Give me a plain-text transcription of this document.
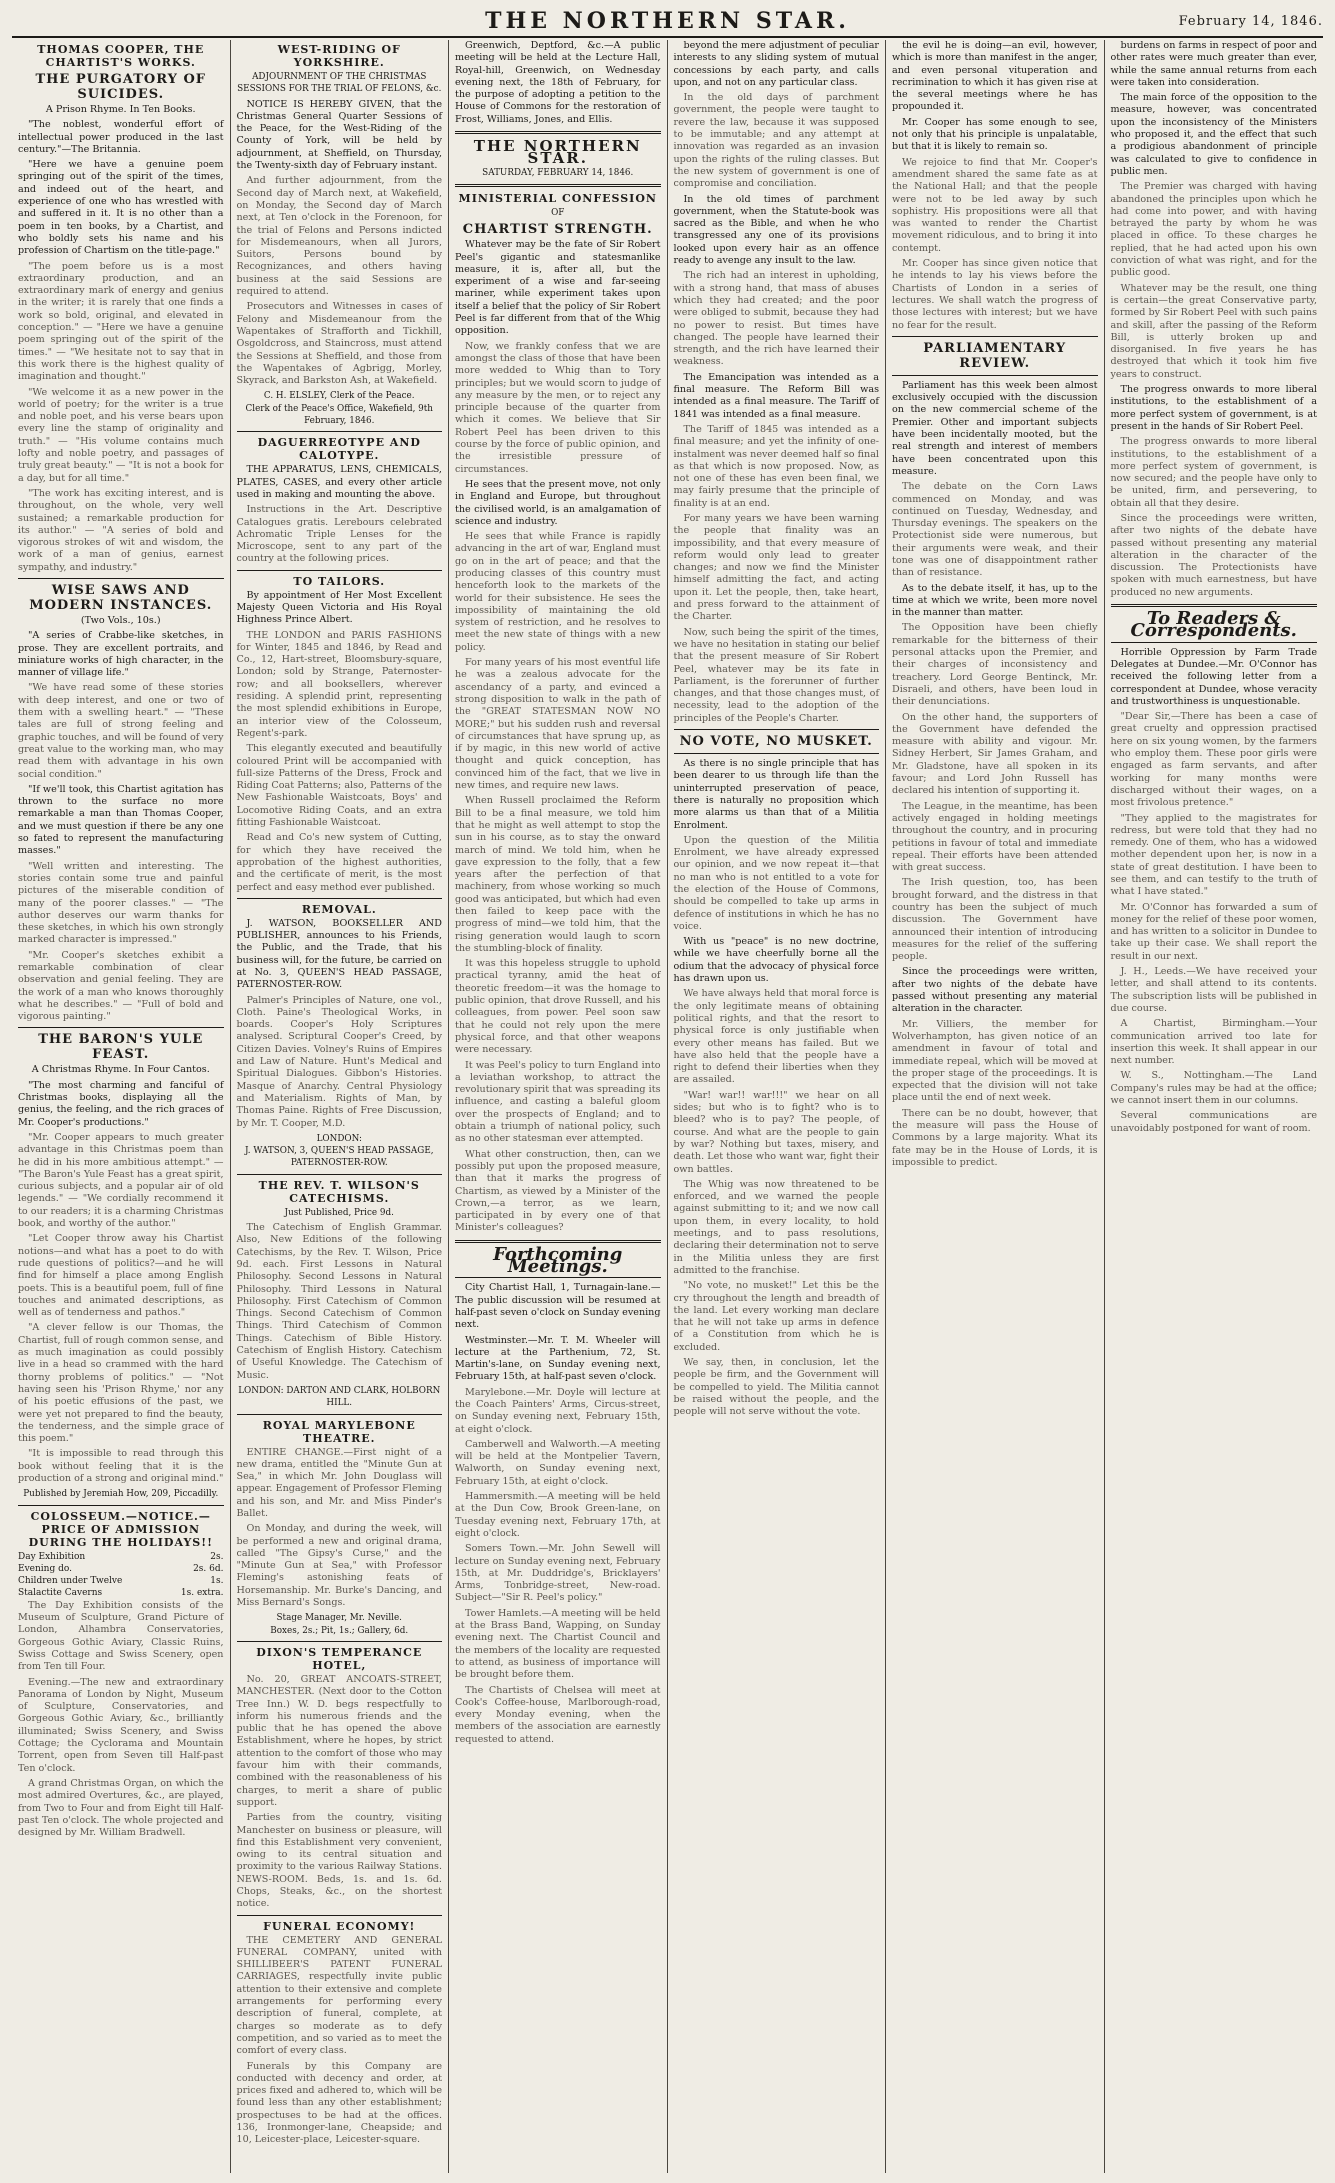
THE NORTHERN STAR.	February 14, 1846.
THOMAS COOPER, THE CHARTIST'S WORKS.
THE PURGATORY OF SUICIDES.

A Prison Rhyme. In Ten Books.

"The noblest, wonderful effort of intellectual power produced in the last century."—The Britannia.

"Here we have a genuine poem springing out of the spirit of the times, and indeed out of the heart, and experience of one who has wrestled with and suffered in it. It is no other than a poem in ten books, by a Chartist, and who boldly sets his name and his profession of Chartism on the title-page."

"The poem before us is a most extraordinary production, and an extraordinary mark of energy and genius in the writer; it is rarely that one finds a work so bold, original, and elevated in conception." — "Here we have a genuine poem springing out of the spirit of the times." — "We hesitate not to say that in this work there is the highest quality of imagination and thought."

"We welcome it as a new power in the world of poetry; for the writer is a true and noble poet, and his verse bears upon every line the stamp of originality and truth." — "His volume contains much lofty and noble poetry, and passages of truly great beauty." — "It is not a book for a day, but for all time."

"The work has exciting interest, and is throughout, on the whole, very well sustained; a remarkable production for its author." — "A series of bold and vigorous strokes of wit and wisdom, the work of a man of genius, earnest sympathy, and industry."

WISE SAWS AND MODERN INSTANCES.

(Two Vols., 10s.)

"A series of Crabbe-like sketches, in prose. They are excellent portraits, and miniature works of high character, in the manner of village life."

"We have read some of these stories with deep interest, and one or two of them with a swelling heart." — "These tales are full of strong feeling and graphic touches, and will be found of very great value to the working man, who may read them with advantage in his own social condition."

"If we'll took, this Chartist agitation has thrown to the surface no more remarkable a man than Thomas Cooper, and we must question if there be any one so fated to represent the manufacturing masses."

"Well written and interesting. The stories contain some true and painful pictures of the miserable condition of many of the poorer classes." — "The author deserves our warm thanks for these sketches, in which his own strongly marked character is impressed."

"Mr. Cooper's sketches exhibit a remarkable combination of clear observation and genial feeling. They are the work of a man who knows thoroughly what he describes." — "Full of bold and vigorous painting."

THE BARON'S YULE FEAST.

A Christmas Rhyme. In Four Cantos.

"The most charming and fanciful of Christmas books, displaying all the genius, the feeling, and the rich graces of Mr. Cooper's productions."

"Mr. Cooper appears to much greater advantage in this Christmas poem than he did in his more ambitious attempt." — "The Baron's Yule Feast has a great spirit, curious subjects, and a popular air of old legends." — "We cordially recommend it to our readers; it is a charming Christmas book, and worthy of the author."

"Let Cooper throw away his Chartist notions—and what has a poet to do with rude questions of politics?—and he will find for himself a place among English poets. This is a beautiful poem, full of fine touches and animated descriptions, as well as of tenderness and pathos."

"A clever fellow is our Thomas, the Chartist, full of rough common sense, and as much imagination as could possibly live in a head so crammed with the hard thorny problems of politics." — "Not having seen his 'Prison Rhyme,' nor any of his poetic effusions of the past, we were yet not prepared to find the beauty, the tenderness, and the simple grace of this poem."

"It is impossible to read through this book without feeling that it is the production of a strong and original mind."

Published by Jeremiah How, 209, Piccadilly.

COLOSSEUM.—NOTICE.—PRICE OF ADMISSION DURING THE HOLIDAYS!!
Day Exhibition	2s.
Evening do.	2s. 6d.
Children under Twelve	1s.
Stalactite Caverns	1s. extra.

The Day Exhibition consists of the Museum of Sculpture, Grand Picture of London, Alhambra Conservatories, Gorgeous Gothic Aviary, Classic Ruins, Swiss Cottage and Swiss Scenery, open from Ten till Four.

Evening.—The new and extraordinary Panorama of London by Night, Museum of Sculpture, Conservatories, and Gorgeous Gothic Aviary, &c., brilliantly illuminated; Swiss Scenery, and Swiss Cottage; the Cyclorama and Mountain Torrent, open from Seven till Half-past Ten o'clock.

A grand Christmas Organ, on which the most admired Overtures, &c., are played, from Two to Four and from Eight till Half-past Ten o'clock. The whole projected and designed by Mr. William Bradwell.

WEST-RIDING OF YORKSHIRE.

ADJOURNMENT OF THE CHRISTMAS SESSIONS FOR THE TRIAL OF FELONS, &c.

NOTICE IS HEREBY GIVEN, that the Christmas General Quarter Sessions of the Peace, for the West-Riding of the County of York, will be held by adjournment, at Sheffield, on Thursday, the Twenty-sixth day of February instant.

And further adjournment, from the Second day of March next, at Wakefield, on Monday, the Second day of March next, at Ten o'clock in the Forenoon, for the trial of Felons and Persons indicted for Misdemeanours, when all Jurors, Suitors, Persons bound by Recognizances, and others having business at the said Sessions are required to attend.

Prosecutors and Witnesses in cases of Felony and Misdemeanour from the Wapentakes of Strafforth and Tickhill, Osgoldcross, and Staincross, must attend the Sessions at Sheffield, and those from the Wapentakes of Agbrigg, Morley, Skyrack, and Barkston Ash, at Wakefield.

C. H. ELSLEY, Clerk of the Peace.
Clerk of the Peace's Office, Wakefield, 9th February, 1846.

DAGUERREOTYPE AND CALOTYPE.

THE APPARATUS, LENS, CHEMICALS, PLATES, CASES, and every other article used in making and mounting the above.

Instructions in the Art. Descriptive Catalogues gratis. Lerebours celebrated Achromatic Triple Lenses for the Microscope, sent to any part of the country at the following prices.

TO TAILORS.

By appointment of Her Most Excellent Majesty Queen Victoria and His Royal Highness Prince Albert.

THE LONDON and PARIS FASHIONS for Winter, 1845 and 1846, by Read and Co., 12, Hart-street, Bloomsbury-square, London; sold by Strange, Paternoster-row; and all booksellers, wherever residing. A splendid print, representing the most splendid exhibitions in Europe, an interior view of the Colosseum, Regent's-park.

This elegantly executed and beautifully coloured Print will be accompanied with full-size Patterns of the Dress, Frock and Riding Coat Patterns; also, Patterns of the New Fashionable Waistcoats, Boys' and Locomotive Riding Coats, and an extra fitting Fashionable Waistcoat.

Read and Co's new system of Cutting, for which they have received the approbation of the highest authorities, and the certificate of merit, is the most perfect and easy method ever published.

REMOVAL.

J. WATSON, BOOKSELLER AND PUBLISHER, announces to his Friends, the Public, and the Trade, that his business will, for the future, be carried on at No. 3, QUEEN'S HEAD PASSAGE, PATERNOSTER-ROW.

Palmer's Principles of Nature, one vol., Cloth. Paine's Theological Works, in boards. Cooper's Holy Scriptures analysed. Scriptural Cooper's Creed, by Citizen Davies. Volney's Ruins of Empires and Law of Nature. Hunt's Medical and Spiritual Dialogues. Gibbon's Histories. Masque of Anarchy. Central Physiology and Materialism. Rights of Man, by Thomas Paine. Rights of Free Discussion, by Mr. T. Cooper, M.D.

LONDON:
J. WATSON, 3, QUEEN'S HEAD PASSAGE, PATERNOSTER-ROW.

THE REV. T. WILSON'S CATECHISMS.

Just Published, Price 9d.

The Catechism of English Grammar. Also, New Editions of the following Catechisms, by the Rev. T. Wilson, Price 9d. each. First Lessons in Natural Philosophy. Second Lessons in Natural Philosophy. Third Lessons in Natural Philosophy. First Catechism of Common Things. Second Catechism of Common Things. Third Catechism of Common Things. Catechism of Bible History. Catechism of English History. Catechism of Useful Knowledge. The Catechism of Music.

LONDON: DARTON AND CLARK, HOLBORN HILL.

ROYAL MARYLEBONE THEATRE.

ENTIRE CHANGE.—First night of a new drama, entitled the "Minute Gun at Sea," in which Mr. John Douglass will appear. Engagement of Professor Fleming and his son, and Mr. and Miss Pinder's Ballet.

On Monday, and during the week, will be performed a new and original drama, called "The Gipsy's Curse," and the "Minute Gun at Sea," with Professor Fleming's astonishing feats of Horsemanship. Mr. Burke's Dancing, and Miss Bernard's Songs.

Stage Manager, Mr. Neville.
Boxes, 2s.; Pit, 1s.; Gallery, 6d.

DIXON'S TEMPERANCE HOTEL,

No. 20, GREAT ANCOATS-STREET, MANCHESTER. (Next door to the Cotton Tree Inn.) W. D. begs respectfully to inform his numerous friends and the public that he has opened the above Establishment, where he hopes, by strict attention to the comfort of those who may favour him with their commands, combined with the reasonableness of his charges, to merit a share of public support.

Parties from the country, visiting Manchester on business or pleasure, will find this Establishment very convenient, owing to its central situation and proximity to the various Railway Stations. NEWS-ROOM. Beds, 1s. and 1s. 6d. Chops, Steaks, &c., on the shortest notice.

FUNERAL ECONOMY!

THE CEMETERY AND GENERAL FUNERAL COMPANY, united with SHILLIBEER'S PATENT FUNERAL CARRIAGES, respectfully invite public attention to their extensive and complete arrangements for performing every description of funeral, complete, at charges so moderate as to defy competition, and so varied as to meet the comfort of every class.

Funerals by this Company are conducted with decency and order, at prices fixed and adhered to, which will be found less than any other establishment; prospectuses to be had at the offices. 136, Ironmonger-lane, Cheapside; and 10, Leicester-place, Leicester-square.

Greenwich, Deptford, &c.—A public meeting will be held at the Lecture Hall, Royal-hill, Greenwich, on Wednesday evening next, the 18th of February, for the purpose of adopting a petition to the House of Commons for the restoration of Frost, Williams, Jones, and Ellis.

THE NORTHERN STAR.

SATURDAY, FEBRUARY 14, 1846.

MINISTERIAL CONFESSION

OF

CHARTIST STRENGTH.

Whatever may be the fate of Sir Robert Peel's gigantic and statesmanlike measure, it is, after all, but the experiment of a wise and far-seeing mariner, while experiment takes upon itself a belief that the policy of Sir Robert Peel is far different from that of the Whig opposition.

Now, we frankly confess that we are amongst the class of those that have been more wedded to Whig than to Tory principles; but we would scorn to judge of any measure by the men, or to reject any principle because of the quarter from which it comes. We believe that Sir Robert Peel has been driven to this course by the force of public opinion, and the irresistible pressure of circumstances.

He sees that the present move, not only in England and Europe, but throughout the civilised world, is an amalgamation of science and industry.

He sees that while France is rapidly advancing in the art of war, England must go on in the art of peace; and that the producing classes of this country must henceforth look to the markets of the world for their subsistence. He sees the impossibility of maintaining the old system of restriction, and he resolves to meet the new state of things with a new policy.

For many years of his most eventful life he was a zealous advocate for the ascendancy of a party, and evinced a strong disposition to walk in the path of the "GREAT STATESMAN NOW NO MORE;" but his sudden rush and reversal of circumstances that have sprung up, as if by magic, in this new world of active thought and quick conception, has convinced him of the fact, that we live in new times, and require new laws.

When Russell proclaimed the Reform Bill to be a final measure, we told him that he might as well attempt to stop the sun in his course, as to stay the onward march of mind. We told him, when he gave expression to the folly, that a few years after the perfection of that machinery, from whose working so much good was anticipated, but which had even then failed to keep pace with the progress of mind—we told him, that the rising generation would laugh to scorn the stumbling-block of finality.

It was this hopeless struggle to uphold practical tyranny, amid the heat of theoretic freedom—it was the homage to public opinion, that drove Russell, and his colleagues, from power. Peel soon saw that he could not rely upon the mere physical force, and that other weapons were necessary.

It was Peel's policy to turn England into a leviathan workshop, to attract the revolutionary spirit that was spreading its influence, and casting a baleful gloom over the prospects of England; and to obtain a triumph of national policy, such as no other statesman ever attempted.

What other construction, then, can we possibly put upon the proposed measure, than that it marks the progress of Chartism, as viewed by a Minister of the Crown,—a terror, as we learn, participated in by every one of that Minister's colleagues?

Forthcoming Meetings.

City Chartist Hall, 1, Turnagain-lane.—The public discussion will be resumed at half-past seven o'clock on Sunday evening next.

Westminster.—Mr. T. M. Wheeler will lecture at the Parthenium, 72, St. Martin's-lane, on Sunday evening next, February 15th, at half-past seven o'clock.

Marylebone.—Mr. Doyle will lecture at the Coach Painters' Arms, Circus-street, on Sunday evening next, February 15th, at eight o'clock.

Camberwell and Walworth.—A meeting will be held at the Montpelier Tavern, Walworth, on Sunday evening next, February 15th, at eight o'clock.

Hammersmith.—A meeting will be held at the Dun Cow, Brook Green-lane, on Tuesday evening next, February 17th, at eight o'clock.

Somers Town.—Mr. John Sewell will lecture on Sunday evening next, February 15th, at Mr. Duddridge's, Bricklayers' Arms, Tonbridge-street, New-road. Subject—"Sir R. Peel's policy."

Tower Hamlets.—A meeting will be held at the Brass Band, Wapping, on Sunday evening next. The Chartist Council and the members of the locality are requested to attend, as business of importance will be brought before them.

The Chartists of Chelsea will meet at Cook's Coffee-house, Marlborough-road, every Monday evening, when the members of the association are earnestly requested to attend.

beyond the mere adjustment of peculiar interests to any sliding system of mutual concessions by each party, and calls upon, and not on any particular class.

In the old days of parchment government, the people were taught to revere the law, because it was supposed to be immutable; and any attempt at innovation was regarded as an invasion upon the rights of the ruling classes. But the new system of government is one of compromise and conciliation.

In the old times of parchment government, when the Statute-book was sacred as the Bible, and when he who transgressed any one of its provisions looked upon every hair as an offence ready to avenge any insult to the law.

The rich had an interest in upholding, with a strong hand, that mass of abuses which they had created; and the poor were obliged to submit, because they had no power to resist. But times have changed. The people have learned their strength, and the rich have learned their weakness.

The Emancipation was intended as a final measure. The Reform Bill was intended as a final measure. The Tariff of 1841 was intended as a final measure.

The Tariff of 1845 was intended as a final measure; and yet the infinity of one-instalment was never deemed half so final as that which is now proposed. Now, as not one of these has even been final, we may fairly presume that the principle of finality is at an end.

For many years we have been warning the people that finality was an impossibility, and that every measure of reform would only lead to greater changes; and now we find the Minister himself admitting the fact, and acting upon it. Let the people, then, take heart, and press forward to the attainment of the Charter.

Now, such being the spirit of the times, we have no hesitation in stating our belief that the present measure of Sir Robert Peel, whatever may be its fate in Parliament, is the forerunner of further changes, and that those changes must, of necessity, lead to the adoption of the principles of the People's Charter.

NO VOTE, NO MUSKET.

As there is no single principle that has been dearer to us through life than the uninterrupted preservation of peace, there is naturally no proposition which more alarms us than that of a Militia Enrolment.

Upon the question of the Militia Enrolment, we have already expressed our opinion, and we now repeat it—that no man who is not entitled to a vote for the election of the House of Commons, should be compelled to take up arms in defence of institutions in which he has no voice.

With us "peace" is no new doctrine, while we have cheerfully borne all the odium that the advocacy of physical force has drawn upon us.

We have always held that moral force is the only legitimate means of obtaining political rights, and that the resort to physical force is only justifiable when every other means has failed. But we have also held that the people have a right to defend their liberties when they are assailed.

"War! war!! war!!!" we hear on all sides; but who is to fight? who is to bleed? who is to pay? The people, of course. And what are the people to gain by war? Nothing but taxes, misery, and death. Let those who want war, fight their own battles.

The Whig was now threatened to be enforced, and we warned the people against submitting to it; and we now call upon them, in every locality, to hold meetings, and to pass resolutions, declaring their determination not to serve in the Militia unless they are first admitted to the franchise.

"No vote, no musket!" Let this be the cry throughout the length and breadth of the land. Let every working man declare that he will not take up arms in defence of a Constitution from which he is excluded.

We say, then, in conclusion, let the people be firm, and the Government will be compelled to yield. The Militia cannot be raised without the people, and the people will not serve without the vote.

the evil he is doing—an evil, however, which is more than manifest in the anger, and even personal vituperation and recrimination to which it has given rise at the several meetings where he has propounded it.

Mr. Cooper has some enough to see, not only that his principle is unpalatable, but that it is likely to remain so.

We rejoice to find that Mr. Cooper's amendment shared the same fate as at the National Hall; and that the people were not to be led away by such sophistry. His propositions were all that was wanted to render the Chartist movement ridiculous, and to bring it into contempt.

Mr. Cooper has since given notice that he intends to lay his views before the Chartists of London in a series of lectures. We shall watch the progress of those lectures with interest; but we have no fear for the result.

PARLIAMENTARY REVIEW.

Parliament has this week been almost exclusively occupied with the discussion on the new commercial scheme of the Premier. Other and important subjects have been incidentally mooted, but the real strength and interest of members have been concentrated upon this measure.

The debate on the Corn Laws commenced on Monday, and was continued on Tuesday, Wednesday, and Thursday evenings. The speakers on the Protectionist side were numerous, but their arguments were weak, and their tone was one of disappointment rather than of resistance.

As to the debate itself, it has, up to the time at which we write, been more novel in the manner than matter.

The Opposition have been chiefly remarkable for the bitterness of their personal attacks upon the Premier, and their charges of inconsistency and treachery. Lord George Bentinck, Mr. Disraeli, and others, have been loud in their denunciations.

On the other hand, the supporters of the Government have defended the measure with ability and vigour. Mr. Sidney Herbert, Sir James Graham, and Mr. Gladstone, have all spoken in its favour; and Lord John Russell has declared his intention of supporting it.

The League, in the meantime, has been actively engaged in holding meetings throughout the country, and in procuring petitions in favour of total and immediate repeal. Their efforts have been attended with great success.

The Irish question, too, has been brought forward, and the distress in that country has been the subject of much discussion. The Government have announced their intention of introducing measures for the relief of the suffering people.

Since the proceedings were written, after two nights of the debate have passed without presenting any material alteration in the character.

Mr. Villiers, the member for Wolverhampton, has given notice of an amendment in favour of total and immediate repeal, which will be moved at the proper stage of the proceedings. It is expected that the division will not take place until the end of next week.

There can be no doubt, however, that the measure will pass the House of Commons by a large majority. What its fate may be in the House of Lords, it is impossible to predict.

burdens on farms in respect of poor and other rates were much greater than ever, while the same annual returns from each were taken into consideration.

The main force of the opposition to the measure, however, was concentrated upon the inconsistency of the Ministers who proposed it, and the effect that such a prodigious abandonment of principle was calculated to give to confidence in public men.

The Premier was charged with having abandoned the principles upon which he had come into power, and with having betrayed the party by whom he was placed in office. To these charges he replied, that he had acted upon his own conviction of what was right, and for the public good.

Whatever may be the result, one thing is certain—the great Conservative party, formed by Sir Robert Peel with such pains and skill, after the passing of the Reform Bill, is utterly broken up and disorganised. In five years he has destroyed that which it took him five years to construct.

The progress onwards to more liberal institutions, to the establishment of a more perfect system of government, is at present in the hands of Sir Robert Peel.

The progress onwards to more liberal institutions, to the establishment of a more perfect system of government, is now secured; and the people have only to be united, firm, and persevering, to obtain all that they desire.

Since the proceedings were written, after two nights of the debate have passed without presenting any material alteration in the character of the discussion. The Protectionists have spoken with much earnestness, but have produced no new arguments.

To Readers & Correspondents.

Horrible Oppression by Farm Trade Delegates at Dundee.—Mr. O'Connor has received the following letter from a correspondent at Dundee, whose veracity and trustworthiness is unquestionable.

"Dear Sir,—There has been a case of great cruelty and oppression practised here on six young women, by the farmers who employ them. These poor girls were engaged as farm servants, and after working for many months were discharged without their wages, on a most frivolous pretence."

"They applied to the magistrates for redress, but were told that they had no remedy. One of them, who has a widowed mother dependent upon her, is now in a state of great destitution. I have been to see them, and can testify to the truth of what I have stated."

Mr. O'Connor has forwarded a sum of money for the relief of these poor women, and has written to a solicitor in Dundee to take up their case. We shall report the result in our next.

J. H., Leeds.—We have received your letter, and shall attend to its contents. The subscription lists will be published in due course.

A Chartist, Birmingham.—Your communication arrived too late for insertion this week. It shall appear in our next number.

W. S., Nottingham.—The Land Company's rules may be had at the office; we cannot insert them in our columns.

Several communications are unavoidably postponed for want of room.
